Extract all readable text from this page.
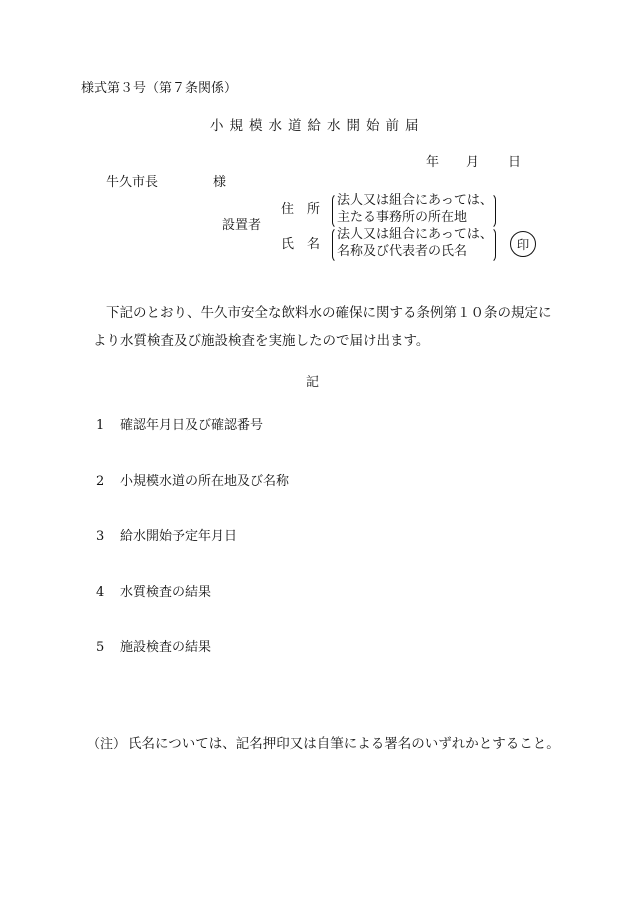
様式第３号（第７条関係）
小規模水道給水開始前届
年 月 日
牛久市長	様
設置者
住　所
法人又は組合にあっては、
主たる事務所の所在地
氏　名
法人又は組合にあっては、
名称及び代表者の氏名	印
下記のとおり、牛久市安全な飲料水の確保に関する条例第１０条の規定に
より水質検査及び施設検査を実施したので届け出ます。
記
1 確認年月日及び確認番号
2 小規模水道の所在地及び名称
3 給水開始予定年月日
4 水質検査の結果
5 施設検査の結果
（注） 氏名については、記名押印又は自筆による署名のいずれかとすること。
